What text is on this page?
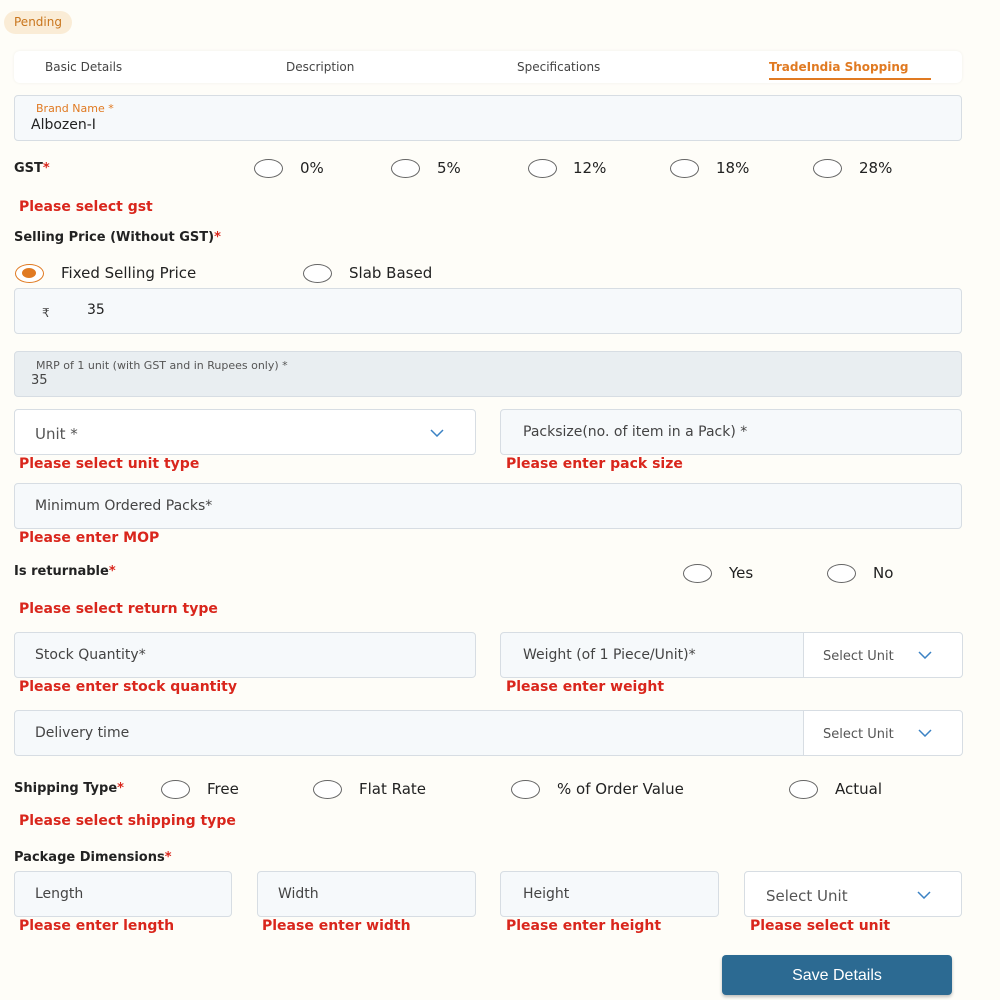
Pending
Basic Details	Description	Specifications	TradeIndia Shopping
Brand Name *
Albozen-I
GST*	0%	5%	12%	18%	28%
Please select gst
Selling Price (Without GST)*
Fixed Selling Price	Slab Based
₹	35
MRP of 1 unit (with GST and in Rupees only) *
35
Unit *
Please select unit type
Packsize(no. of item in a Pack) *
Please enter pack size
Minimum Ordered Packs*
Please enter MOP
Is returnable*	Yes	No
Please select return type
Stock Quantity*
Please enter stock quantity
Weight (of 1 Piece/Unit)*	Select Unit
Please enter weight
Delivery time	Select Unit
Shipping Type*	Free	Flat Rate	% of Order Value	Actual
Please select shipping type
Package Dimensions*
Length
Please enter length
Width
Please enter width
Height
Please enter height
Select Unit
Please select unit
Save Details
